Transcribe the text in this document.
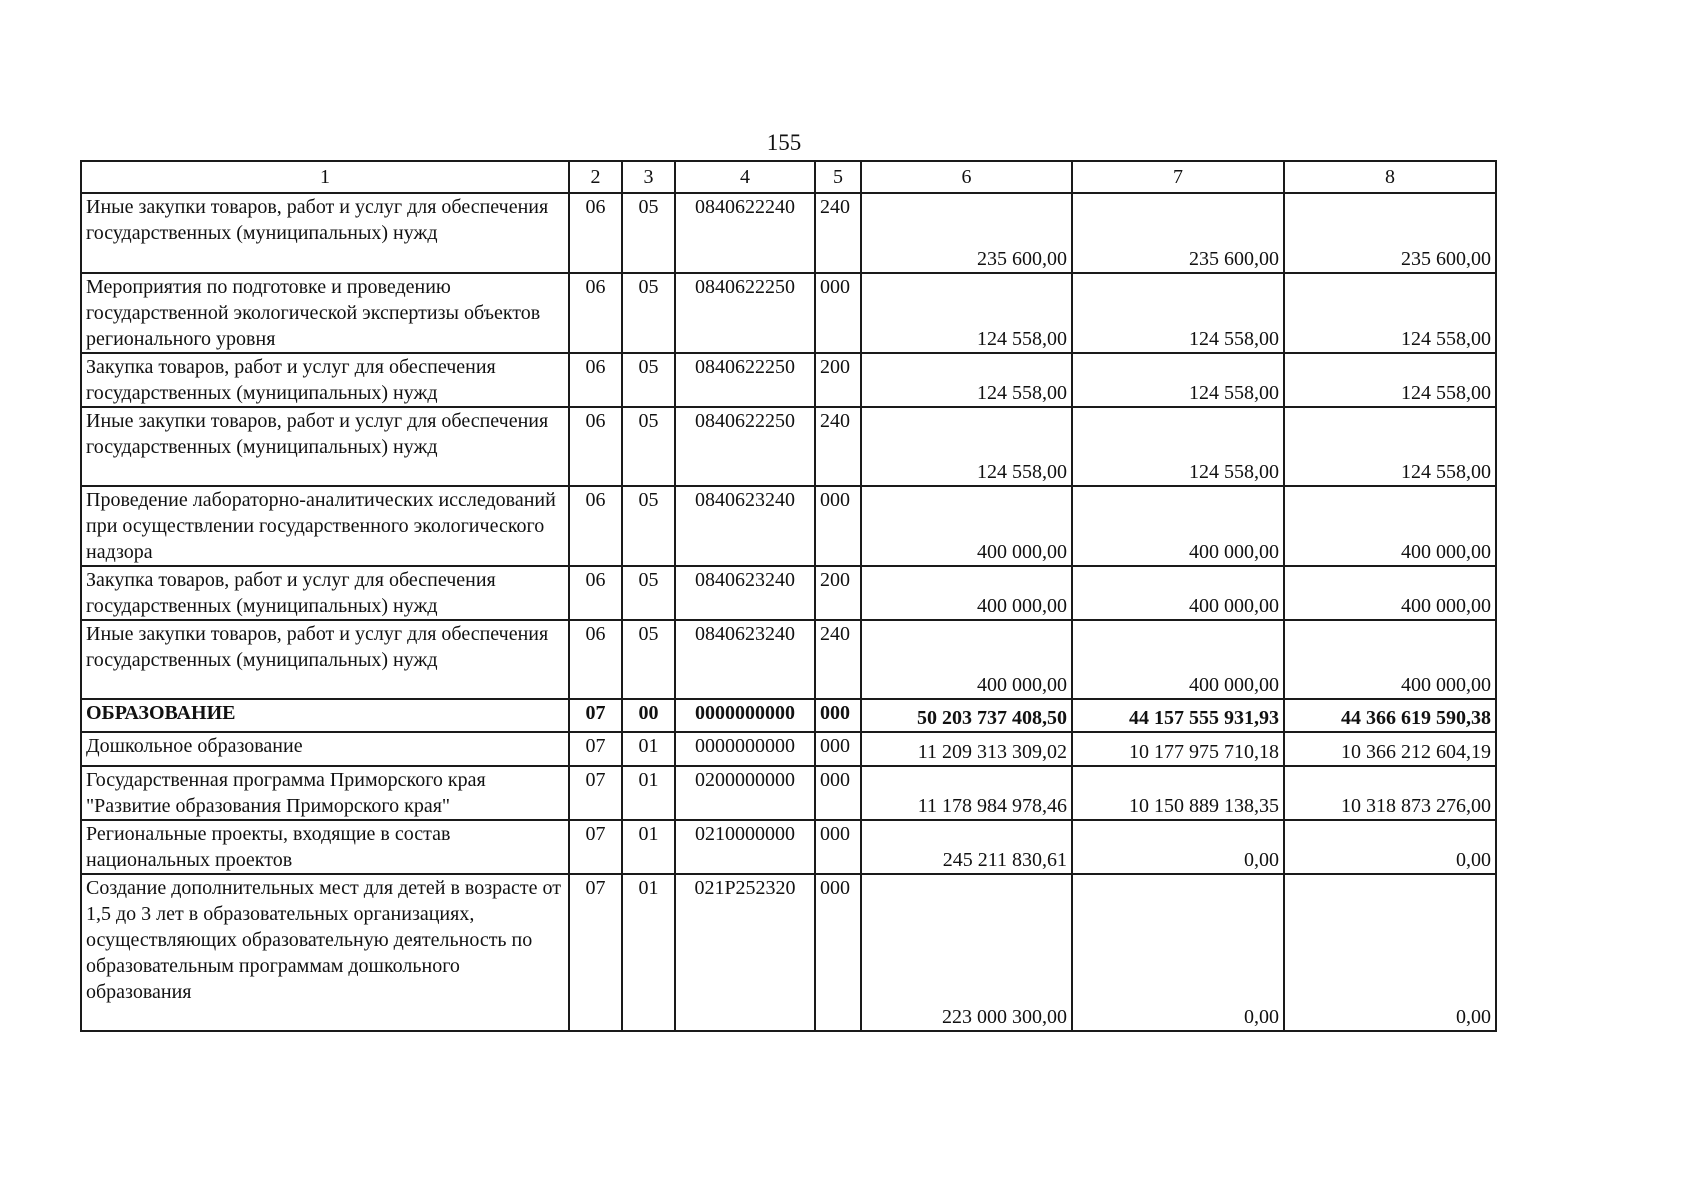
155
1	2	3	4	5	6	7	8
Иные закупки товаров, работ и услуг для обеспечения государственных (муниципальных) нужд	06	05	0840622240	240	235 600,00	235 600,00	235 600,00
Мероприятия по подготовке и проведению государственной экологической экспертизы объектов регионального уровня	06	05	0840622250	000	124 558,00	124 558,00	124 558,00
Закупка товаров, работ и услуг для обеспечения государственных (муниципальных) нужд	06	05	0840622250	200	124 558,00	124 558,00	124 558,00
Иные закупки товаров, работ и услуг для обеспечения государственных (муниципальных) нужд	06	05	0840622250	240	124 558,00	124 558,00	124 558,00
Проведение лабораторно-аналитических исследований при осуществлении государственного экологического надзора	06	05	0840623240	000	400 000,00	400 000,00	400 000,00
Закупка товаров, работ и услуг для обеспечения государственных (муниципальных) нужд	06	05	0840623240	200	400 000,00	400 000,00	400 000,00
Иные закупки товаров, работ и услуг для обеспечения государственных (муниципальных) нужд	06	05	0840623240	240	400 000,00	400 000,00	400 000,00
ОБРАЗОВАНИЕ	07	00	0000000000	000	50 203 737 408,50	44 157 555 931,93	44 366 619 590,38
Дошкольное образование	07	01	0000000000	000	11 209 313 309,02	10 177 975 710,18	10 366 212 604,19
Государственная программа Приморского края "Развитие образования Приморского края"	07	01	0200000000	000	11 178 984 978,46	10 150 889 138,35	10 318 873 276,00
Региональные проекты, входящие в состав национальных проектов	07	01	0210000000	000	245 211 830,61	0,00	0,00
Создание дополнительных мест для детей в возрасте от 1,5 до 3 лет в образовательных организациях, осуществляющих образовательную деятельность по образовательным программам дошкольного образования	07	01	021P252320	000	223 000 300,00	0,00	0,00
